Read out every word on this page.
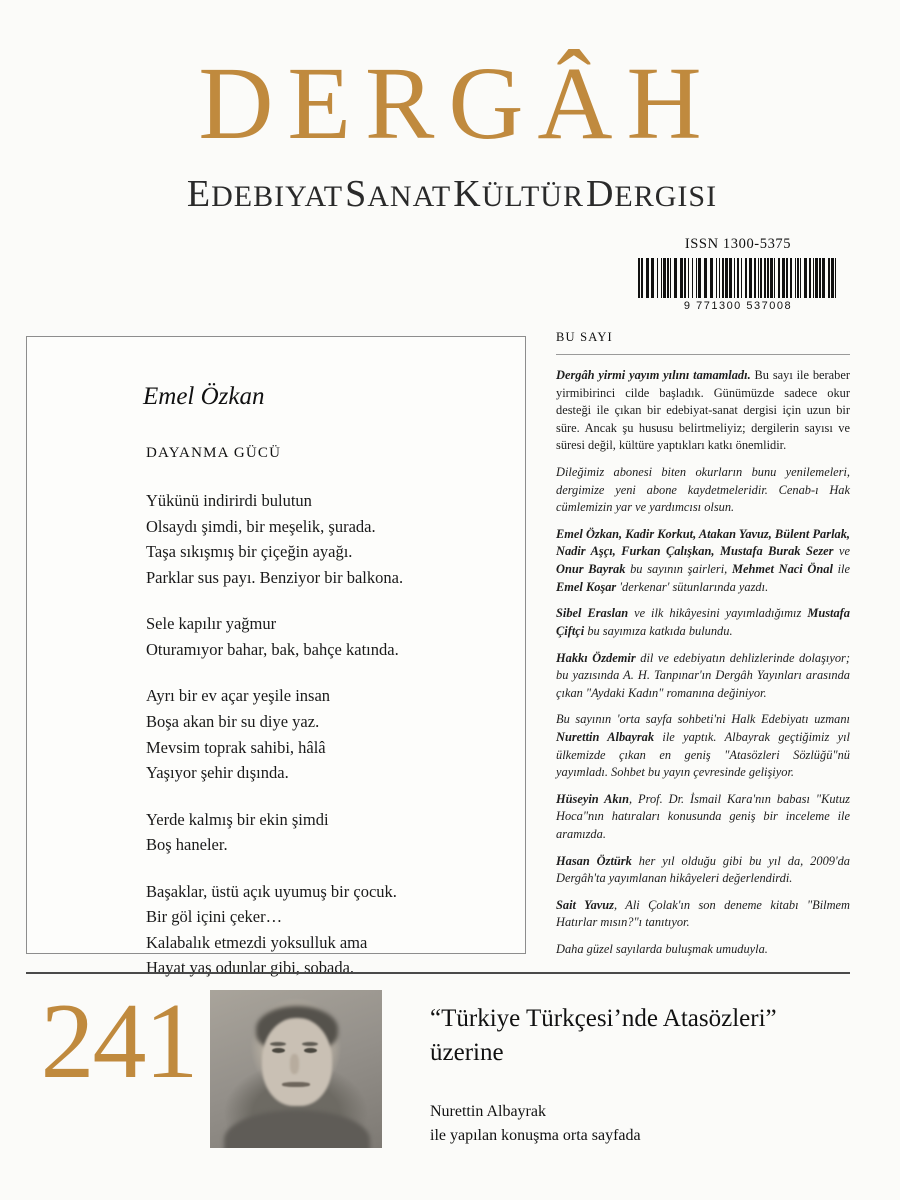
DERGÂH
EDEBIYATSANATKÜLTÜRDERGISI
ISSN 1300-5375
9 771300 537008
Emel Özkan
DAYANMA GÜCÜ
Yükünü indirirdi bulutun
Olsaydı şimdi, bir meşelik, şurada.
Taşa sıkışmış bir çiçeğin ayağı.
Parklar sus payı. Benziyor bir balkona.
Sele kapılır yağmur
Oturamıyor bahar, bak, bahçe katında.
Ayrı bir ev açar yeşile insan
Boşa akan bir su diye yaz.
Mevsim toprak sahibi, hâlâ
Yaşıyor şehir dışında.
Yerde kalmış bir ekin şimdi
Boş haneler.
Başaklar, üstü açık uyumuş bir çocuk.
Bir göl içini çeker…
Kalabalık etmezdi yoksulluk ama
Hayat yaş odunlar gibi, sobada.
BU SAYI
Dergâh yirmi yayım yılını tamamladı. Bu sayı ile beraber yirmibirinci cilde başladık. Günümüzde sadece okur desteği ile çıkan bir edebiyat-sanat dergisi için uzun bir süre. Ancak şu hususu belirtmeliyiz; dergilerin sayısı ve süresi değil, kültüre yaptıkları katkı önemlidir.
Dileğimiz abonesi biten okurların bunu yenilemeleri, dergimize yeni abone kaydetmeleridir. Cenab-ı Hak cümlemizin yar ve yardımcısı olsun.
Emel Özkan, Kadir Korkut, Atakan Yavuz, Bülent Parlak, Nadir Aşçı, Furkan Çalışkan, Mustafa Burak Sezer ve Onur Bayrak bu sayının şairleri, Mehmet Naci Önal ile Emel Koşar 'derkenar' sütunlarında yazdı.
Sibel Eraslan ve ilk hikâyesini yayımladığımız Mustafa Çiftçi bu sayımıza katkıda bulundu.
Hakkı Özdemir dil ve edebiyatın dehlizlerinde dolaşıyor; bu yazısında A. H. Tanpınar'ın Dergâh Yayınları arasında çıkan "Aydaki Kadın" romanına değiniyor.
Bu sayının 'orta sayfa sohbeti'ni Halk Edebiyatı uzmanı Nurettin Albayrak ile yaptık. Albayrak geçtiğimiz yıl ülkemizde çıkan en geniş "Atasözleri Sözlüğü"nü yayımladı. Sohbet bu yayın çevresinde gelişiyor.
Hüseyin Akın, Prof. Dr. İsmail Kara'nın babası "Kutuz Hoca"nın hatıraları konusunda geniş bir inceleme ile aramızda.
Hasan Öztürk her yıl olduğu gibi bu yıl da, 2009'da Dergâh'ta yayımlanan hikâyeleri değerlendirdi.
Sait Yavuz, Ali Çolak'ın son deneme kitabı "Bilmem Hatırlar mısın?"ı tanıtıyor.
Daha güzel sayılarda buluşmak umuduyla.
241	“Türkiye Türkçesi’nde Atasözleri” üzerine
Nurettin Albayrak
ile yapılan konuşma orta sayfada
